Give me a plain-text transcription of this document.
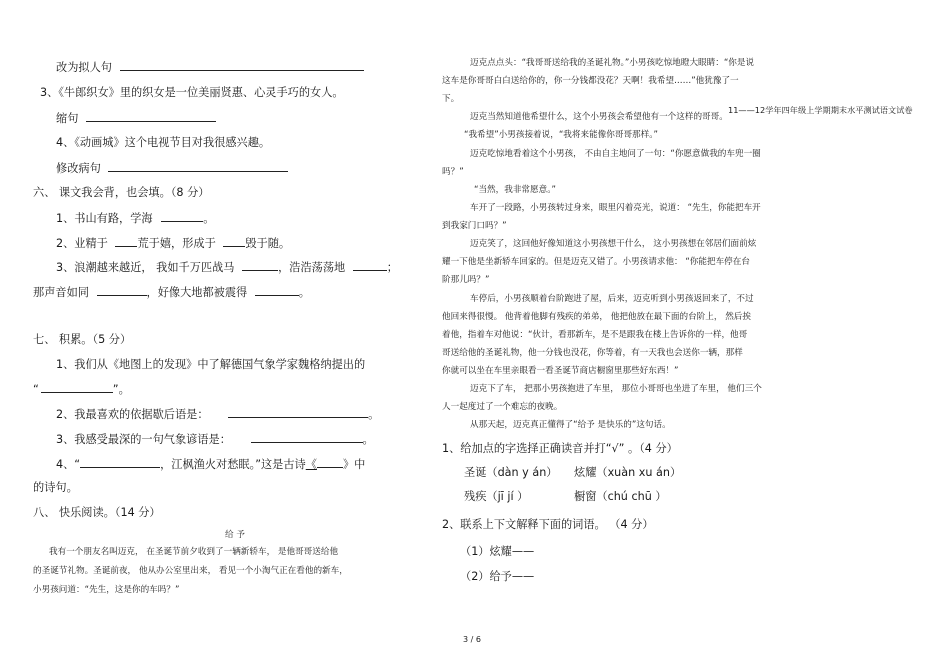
11——12学年四年级上学期期末水平测试语文试卷
3 / 6
改为拟人句
3、《牛郎织女》里的织女是一位美丽贤惠、心灵手巧的女人。
缩句
4、《动画城》这个电视节目对我很感兴趣。
修改病句
六、 课文我会背，也会填。（8 分）
1、书山有路，学海	。
2、业精于	荒于嬉，形成于	毁于随。
3、浪潮越来越近， 我如千万匹战马	，浩浩荡荡地	；
那声音如同	，好像大地都被震得	。
七、 积累。（5 分）
1、我们从《地图上的发现》中了解德国气象学家魏格纳提出的
“	”。
2、我最喜欢的依据歇后语是：	。
3、我感受最深的一句气象谚语是：	。
4、“	，江枫渔火对愁眠。”这是古诗《 》中
的诗句。
八、 快乐阅读。（14 分）
给 予
我有一个朋友名叫迈克， 在圣诞节前夕收到了一辆新轿车， 是他哥哥送给他
的圣诞节礼物。圣诞前夜， 他从办公室里出来， 看见一个小淘气正在看他的新车，
小男孩问道：“先生，这是你的车吗？”
迈克点点头：“我哥哥送给我的圣诞礼物。”小男孩吃惊地瞪大眼睛：“你是说
这车是你哥哥白白送给你的，你一分钱都没花？天啊！我希望……”他犹豫了一
下。
迈克当然知道他希望什么，这个小男孩会希望他有一个这样的哥哥。
“我希望”小男孩接着说，“我将来能像你哥哥那样。”
迈克吃惊地看着这个小男孩， 不由自主地问了一句：“你愿意做我的车兜一圈
吗？”
“当然，我非常愿意。”
车开了一段路，小男孩转过身来，眼里闪着亮光，说道： “先生，你能把车开
到我家门口吗？”
迈克笑了，这回他好像知道这小男孩想干什么， 这小男孩想在邻居们面前炫
耀一下他是坐新轿车回家的。但是迈克又错了。小男孩请求他： “你能把车停在台
阶那儿吗？”
车停后，小男孩顺着台阶跑进了屋，后来，迈克听到小男孩返回来了，不过
他回来得很慢。 他背着他脚有残疾的弟弟， 他把他放在最下面的台阶上， 然后挨
着他，指着车对他说：“伙计，看那新车，是不是跟我在楼上告诉你的一样，他哥
哥送给他的圣诞礼物，他一分钱也没花，你等着，有一天我也会送你一辆，那样
你就可以坐在车里亲眼看一看圣诞节商店橱窗里那些好东西！”
迈克下了车， 把那小男孩抱进了车里， 那位小哥哥也坐进了车里， 他们三个
人一起度过了一个难忘的夜晚。
从那天起，迈克真正懂得了“给予 是快乐的”这句话。
1、给加点的字选择正确读音并打“√” 。（4 分）
圣诞（dàn y án） 炫耀（xuàn xu án）
残疾（jī jí ）	橱窗（chú chū ）
2、联系上下文解释下面的词语。 （4 分）
（1）炫耀——
（2）给予——
